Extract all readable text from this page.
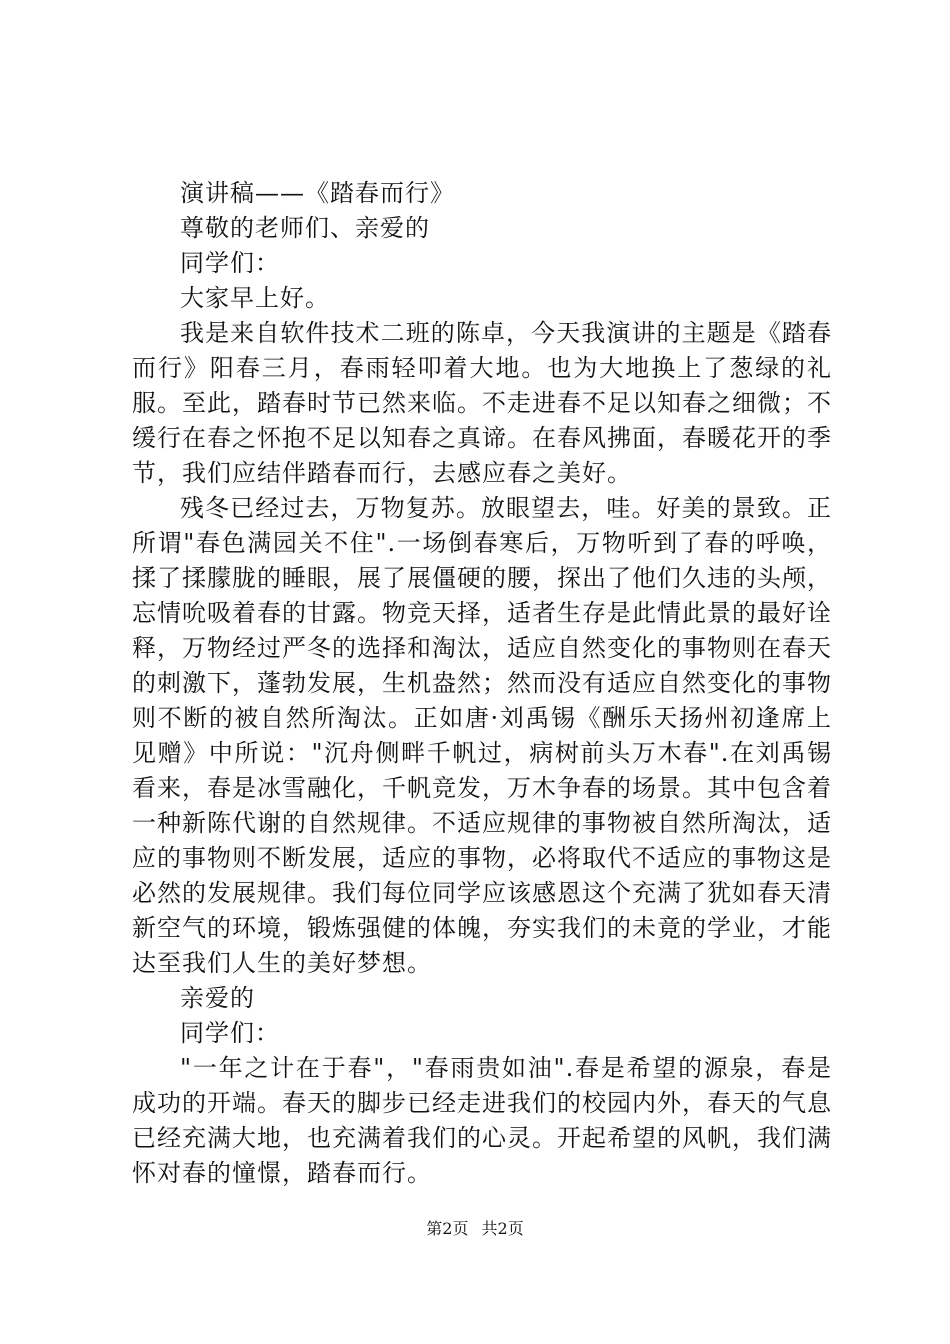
演讲稿——《踏春而行》

尊敬的老师们、亲爱的

同学们：

大家早上好。

我是来自软件技术二班的陈卓，今天我演讲的主题是《踏春而行》阳春三月，春雨轻叩着大地。也为大地换上了葱绿的礼服。至此，踏春时节已然来临。不走进春不足以知春之细微；不缓行在春之怀抱不足以知春之真谛。在春风拂面，春暖花开的季节，我们应结伴踏春而行，去感应春之美好。

残冬已经过去，万物复苏。放眼望去，哇。好美的景致。正所谓"春色满园关不住".一场倒春寒后，万物听到了春的呼唤，揉了揉朦胧的睡眼，展了展僵硬的腰，探出了他们久违的头颅，忘情吮吸着春的甘露。物竞天择，适者生存是此情此景的最好诠释，万物经过严冬的选择和淘汰，适应自然变化的事物则在春天的刺激下，蓬勃发展，生机盎然；然而没有适应自然变化的事物则不断的被自然所淘汰。正如唐·刘禹锡《酬乐天扬州初逢席上见赠》中所说："沉舟侧畔千帆过，病树前头万木春".在刘禹锡看来，春是冰雪融化，千帆竞发，万木争春的场景。其中包含着一种新陈代谢的自然规律。不适应规律的事物被自然所淘汰，适应的事物则不断发展，适应的事物，必将取代不适应的事物这是必然的发展规律。我们每位同学应该感恩这个充满了犹如春天清新空气的环境，锻炼强健的体魄，夯实我们的未竟的学业，才能达至我们人生的美好梦想。

亲爱的

同学们：

"一年之计在于春"，"春雨贵如油".春是希望的源泉，春是成功的开端。春天的脚步已经走进我们的校园内外，春天的气息已经充满大地，也充满着我们的心灵。开起希望的风帆，我们满怀对春的憧憬，踏春而行。

第2页 共2页
